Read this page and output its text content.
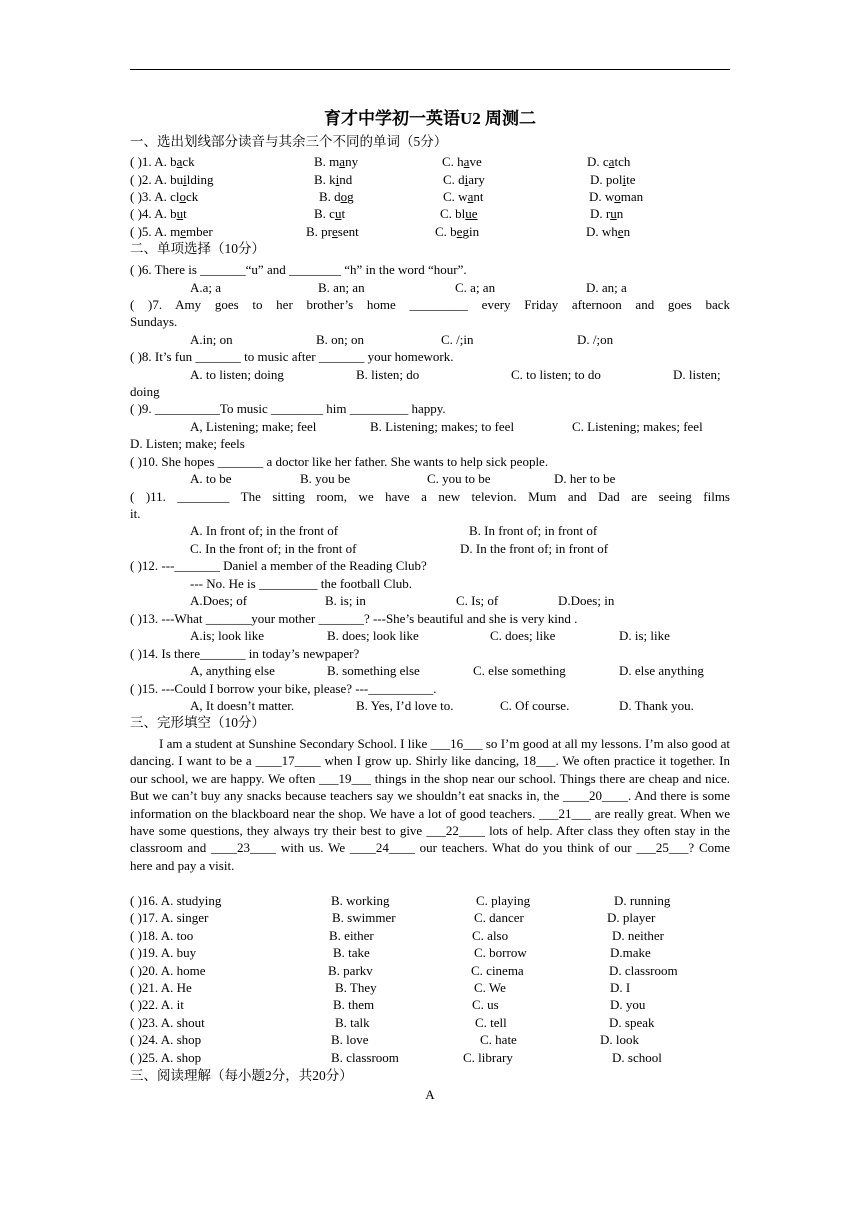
育才中学初一英语U2 周测二
一、选出划线部分读音与其余三个不同的单词（5分）
( )1. A. back	B. many	C. have	D. catch
( )2. A. building	B. kind	C. diary	D. polite
( )3. A. clock	B. dog	C. want	D. woman
( )4. A. but	B. cut	C. blue	D. run
( )5. A. member	B. present	C. begin	D. when
二、单项选择（10分）
( )6. There is _______“u” and ________ “h” in the word “hour”.
A.a; a	B. an; an	C. a; an	D. an; a
( )7. Amy goes to her brother’s home _________ every Friday afternoon and goes back
Sundays.
A.in; on	B. on; on	C. /;in	D. /;on
( )8. It’s fun _______ to music after _______ your homework.
A. to listen; doing	B. listen; do	C. to listen; to do	D. listen;
doing
( )9. __________To music ________ him _________ happy.
A, Listening; make; feel	B. Listening; makes; to feel	C. Listening; makes; feel
D. Listen; make; feels
( )10. She hopes _______ a doctor like her father. She wants to help sick people.
A. to be	B. you be	C. you to be	D. her to be
( )11. ________ The sitting room, we have a new televion. Mum and Dad are seeing films
it.
A. In front of; in the front of	B. In front of; in front of
C. In the front of; in the front of	D. In the front of; in front of
( )12. ---_______ Daniel a member of the Reading Club?
--- No. He is _________ the football Club.
A.Does; of	B. is; in	C. Is; of	D.Does; in
( )13. ---What _______your mother _______? ---She’s beautiful and she is very kind .
A.is; look like	B. does; look like	C. does; like	D. is; like
( )14. Is there_______ in today’s newpaper?
A, anything else	B. something else	C. else something	D. else anything
( )15. ---Could I borrow your bike, please? ---__________.
A, It doesn’t matter.	B. Yes, I’d love to.	C. Of course.	D. Thank you.
三、完形填空（10分）
I am a student at Sunshine Secondary School. I like ___16___ so I’m good at all my lessons. I’m also good at dancing. I want to be a ____17____ when I grow up. Shirly like dancing, 18___. We often practice it together. In our school, we are happy. We often ___19___ things in the shop near our school. Things there are cheap and nice. But we can’t buy any snacks because teachers say we shouldn’t eat snacks in, the ____20____. And there is some information on the blackboard near the shop. We have a lot of good teachers. ___21___ are really great. When we have some questions, they always try their best to give ___22____ lots of help. After class they often stay in the classroom and ____23____ with us. We ____24____ our teachers. What do you think of our ___25___? Come here and pay a visit.
( )16. A. studying	B. working	C. playing	D. running
( )17. A. singer	B. swimmer	C. dancer	D. player
( )18. A. too	B. either	C. also	D. neither
( )19. A. buy	B. take	C. borrow	D.make
( )20. A. home	B. parkv	C. cinema	D. classroom
( )21. A. He	B. They	C. We	D. I
( )22. A. it	B. them	C. us	D. you
( )23. A. shout	B. talk	C. tell	D. speak
( )24. A. shop	B. love	C. hate	D. look
( )25. A. shop	B. classroom	C. library	D. school
三、阅读理解（每小题2分，共20分）
A
